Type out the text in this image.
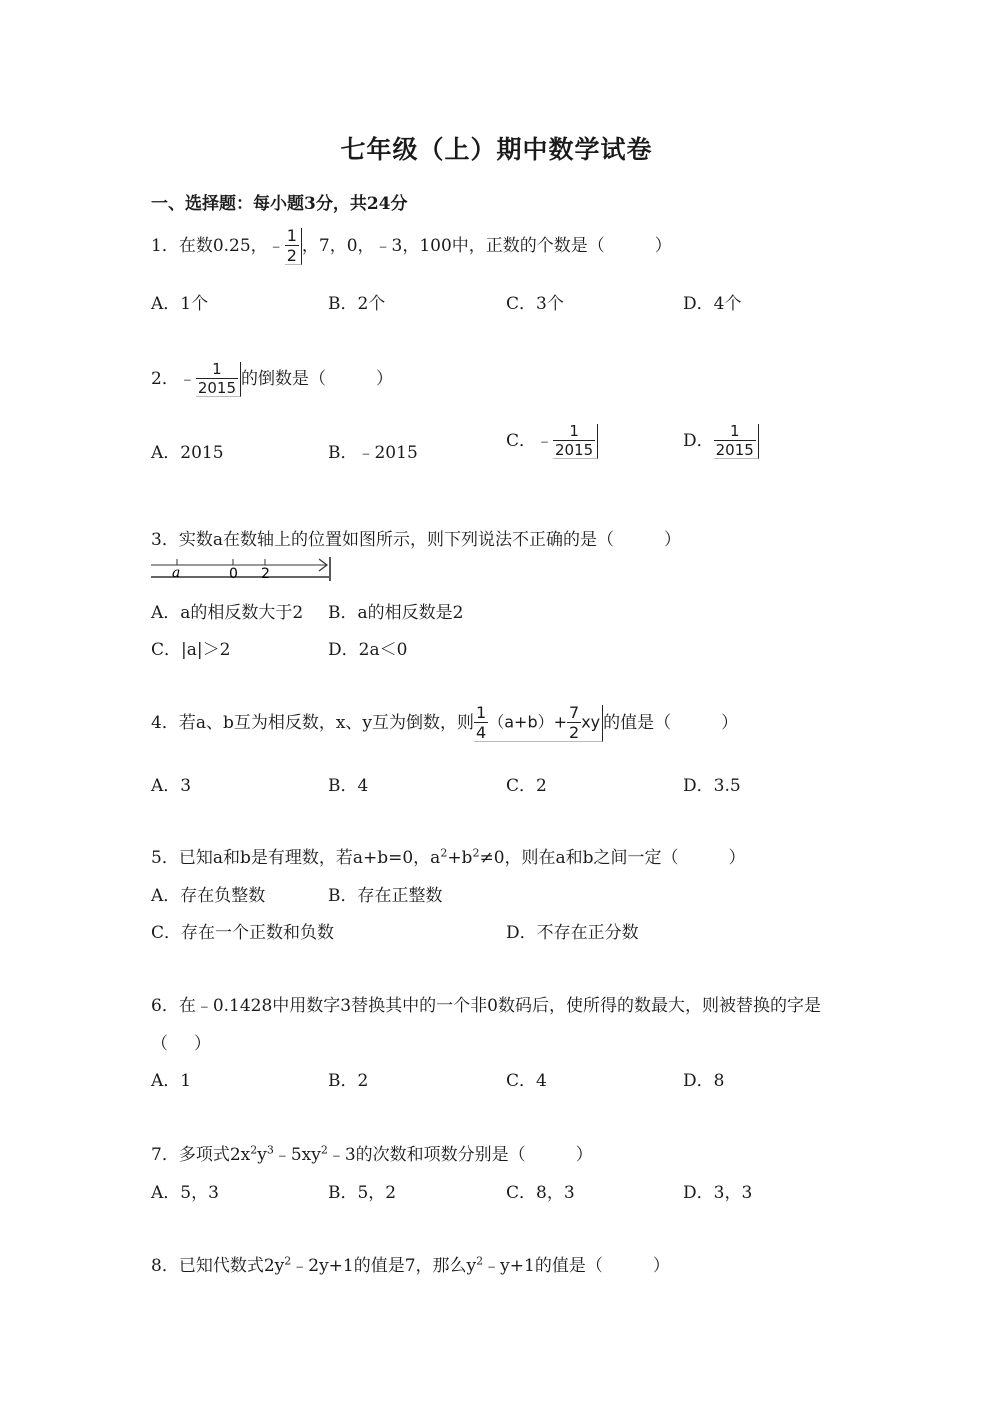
七年级（上）期中数学试卷
一、选择题：每小题3分，共24分
1．在数0.25，﹣ $\frac{1}{2}$ ，7，0，﹣3，100中，正数的个数是（	）
A．1个	B．2个	C．3个	D．4个
2．﹣ $\frac{1}{2015}$ 的倒数是（	）
A．2015	B．﹣2015
C．﹣ $\frac{1}{2015}$	D． $\frac{1}{2015}$
3．实数a在数轴上的位置如图所示，则下列说法不正确的是（	）
a	0 2
A．a的相反数大于2 B．a的相反数是2
C．|a|＞2	D．2a＜0
4．若a、b互为相反数，x、y互为倒数，则 $\frac{1}{4} (a+b)+ \frac{7}{2}$ xy 的值是（	）
A．3	B．4	C．2	D．3.5
5．已知a和b是有理数，若a+b=0，$a^2+b^2\ne 0$，则在a和b之间一定（	）
A．存在负整数	B．存在正整数
C．存在一个正数和负数	D．不存在正分数
6．在﹣0.1428中用数字3替换其中的一个非0数码后，使所得的数最大，则被替换的字是
（ ）
A．1	B．2	C．4	D．8
7．多项式$2x^2y^3﹣5xy^2﹣3$的次数和项数分别是（	）
A．5，3	B．5，2	C．8，3	D．3，3
8．已知代数式$2y^2﹣2y+1$的值是7，那么$y^2﹣y+1$的值是（	）
